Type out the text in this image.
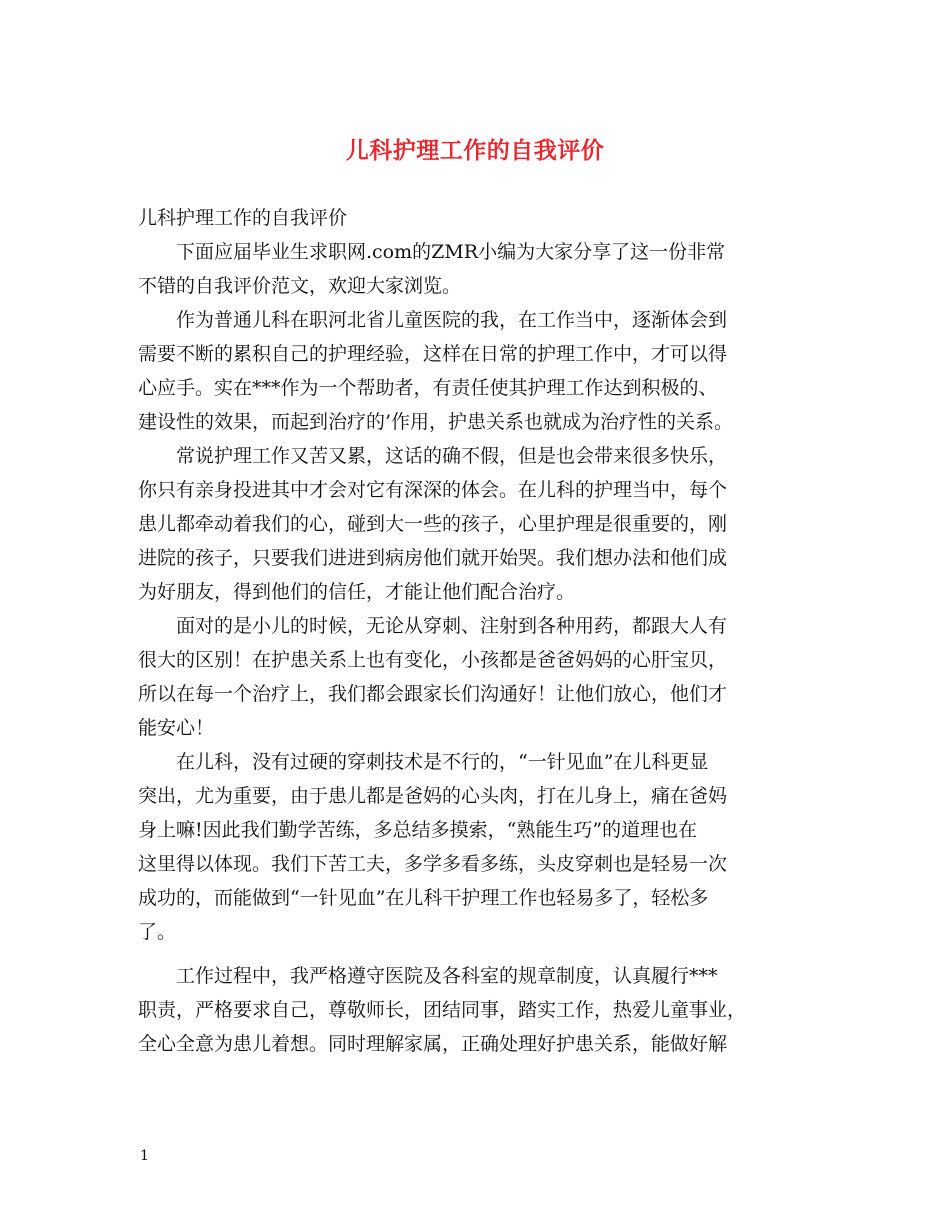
儿科护理工作的自我评价
儿科护理工作的自我评价
　　下面应届毕业生求职网.com的ZMR小编为大家分享了这一份非常
不错的自我评价范文，欢迎大家浏览。
　　作为普通儿科在职河北省儿童医院的我，在工作当中，逐渐体会到
需要不断的累积自己的护理经验，这样在日常的护理工作中，才可以得
心应手。实在***作为一个帮助者，有责任使其护理工作达到积极的、
建设性的效果，而起到治疗的’作用，护患关系也就成为治疗性的关系。
　　常说护理工作又苦又累，这话的确不假，但是也会带来很多快乐，
你只有亲身投进其中才会对它有深深的体会。在儿科的护理当中，每个
患儿都牵动着我们的心，碰到大一些的孩子，心里护理是很重要的，刚
进院的孩子，只要我们进进到病房他们就开始哭。我们想办法和他们成
为好朋友，得到他们的信任，才能让他们配合治疗。
　　面对的是小儿的时候，无论从穿刺、注射到各种用药，都跟大人有
很大的区别！在护患关系上也有变化，小孩都是爸爸妈妈的心肝宝贝，
所以在每一个治疗上，我们都会跟家长们沟通好！让他们放心，他们才
能安心！
　　在儿科，没有过硬的穿刺技术是不行的，“一针见血”在儿科更显
突出，尤为重要，由于患儿都是爸妈的心头肉，打在儿身上，痛在爸妈
身上嘛!因此我们勤学苦练，多总结多摸索，“熟能生巧”的道理也在
这里得以体现。我们下苦工夫，多学多看多练，头皮穿刺也是轻易一次
成功的，而能做到“一针见血”在儿科干护理工作也轻易多了，轻松多
了。
　　工作过程中，我严格遵守医院及各科室的规章制度，认真履行***
职责，严格要求自己，尊敬师长，团结同事，踏实工作，热爱儿童事业，
全心全意为患儿着想。同时理解家属，正确处理好护患关系，能做好解
1
